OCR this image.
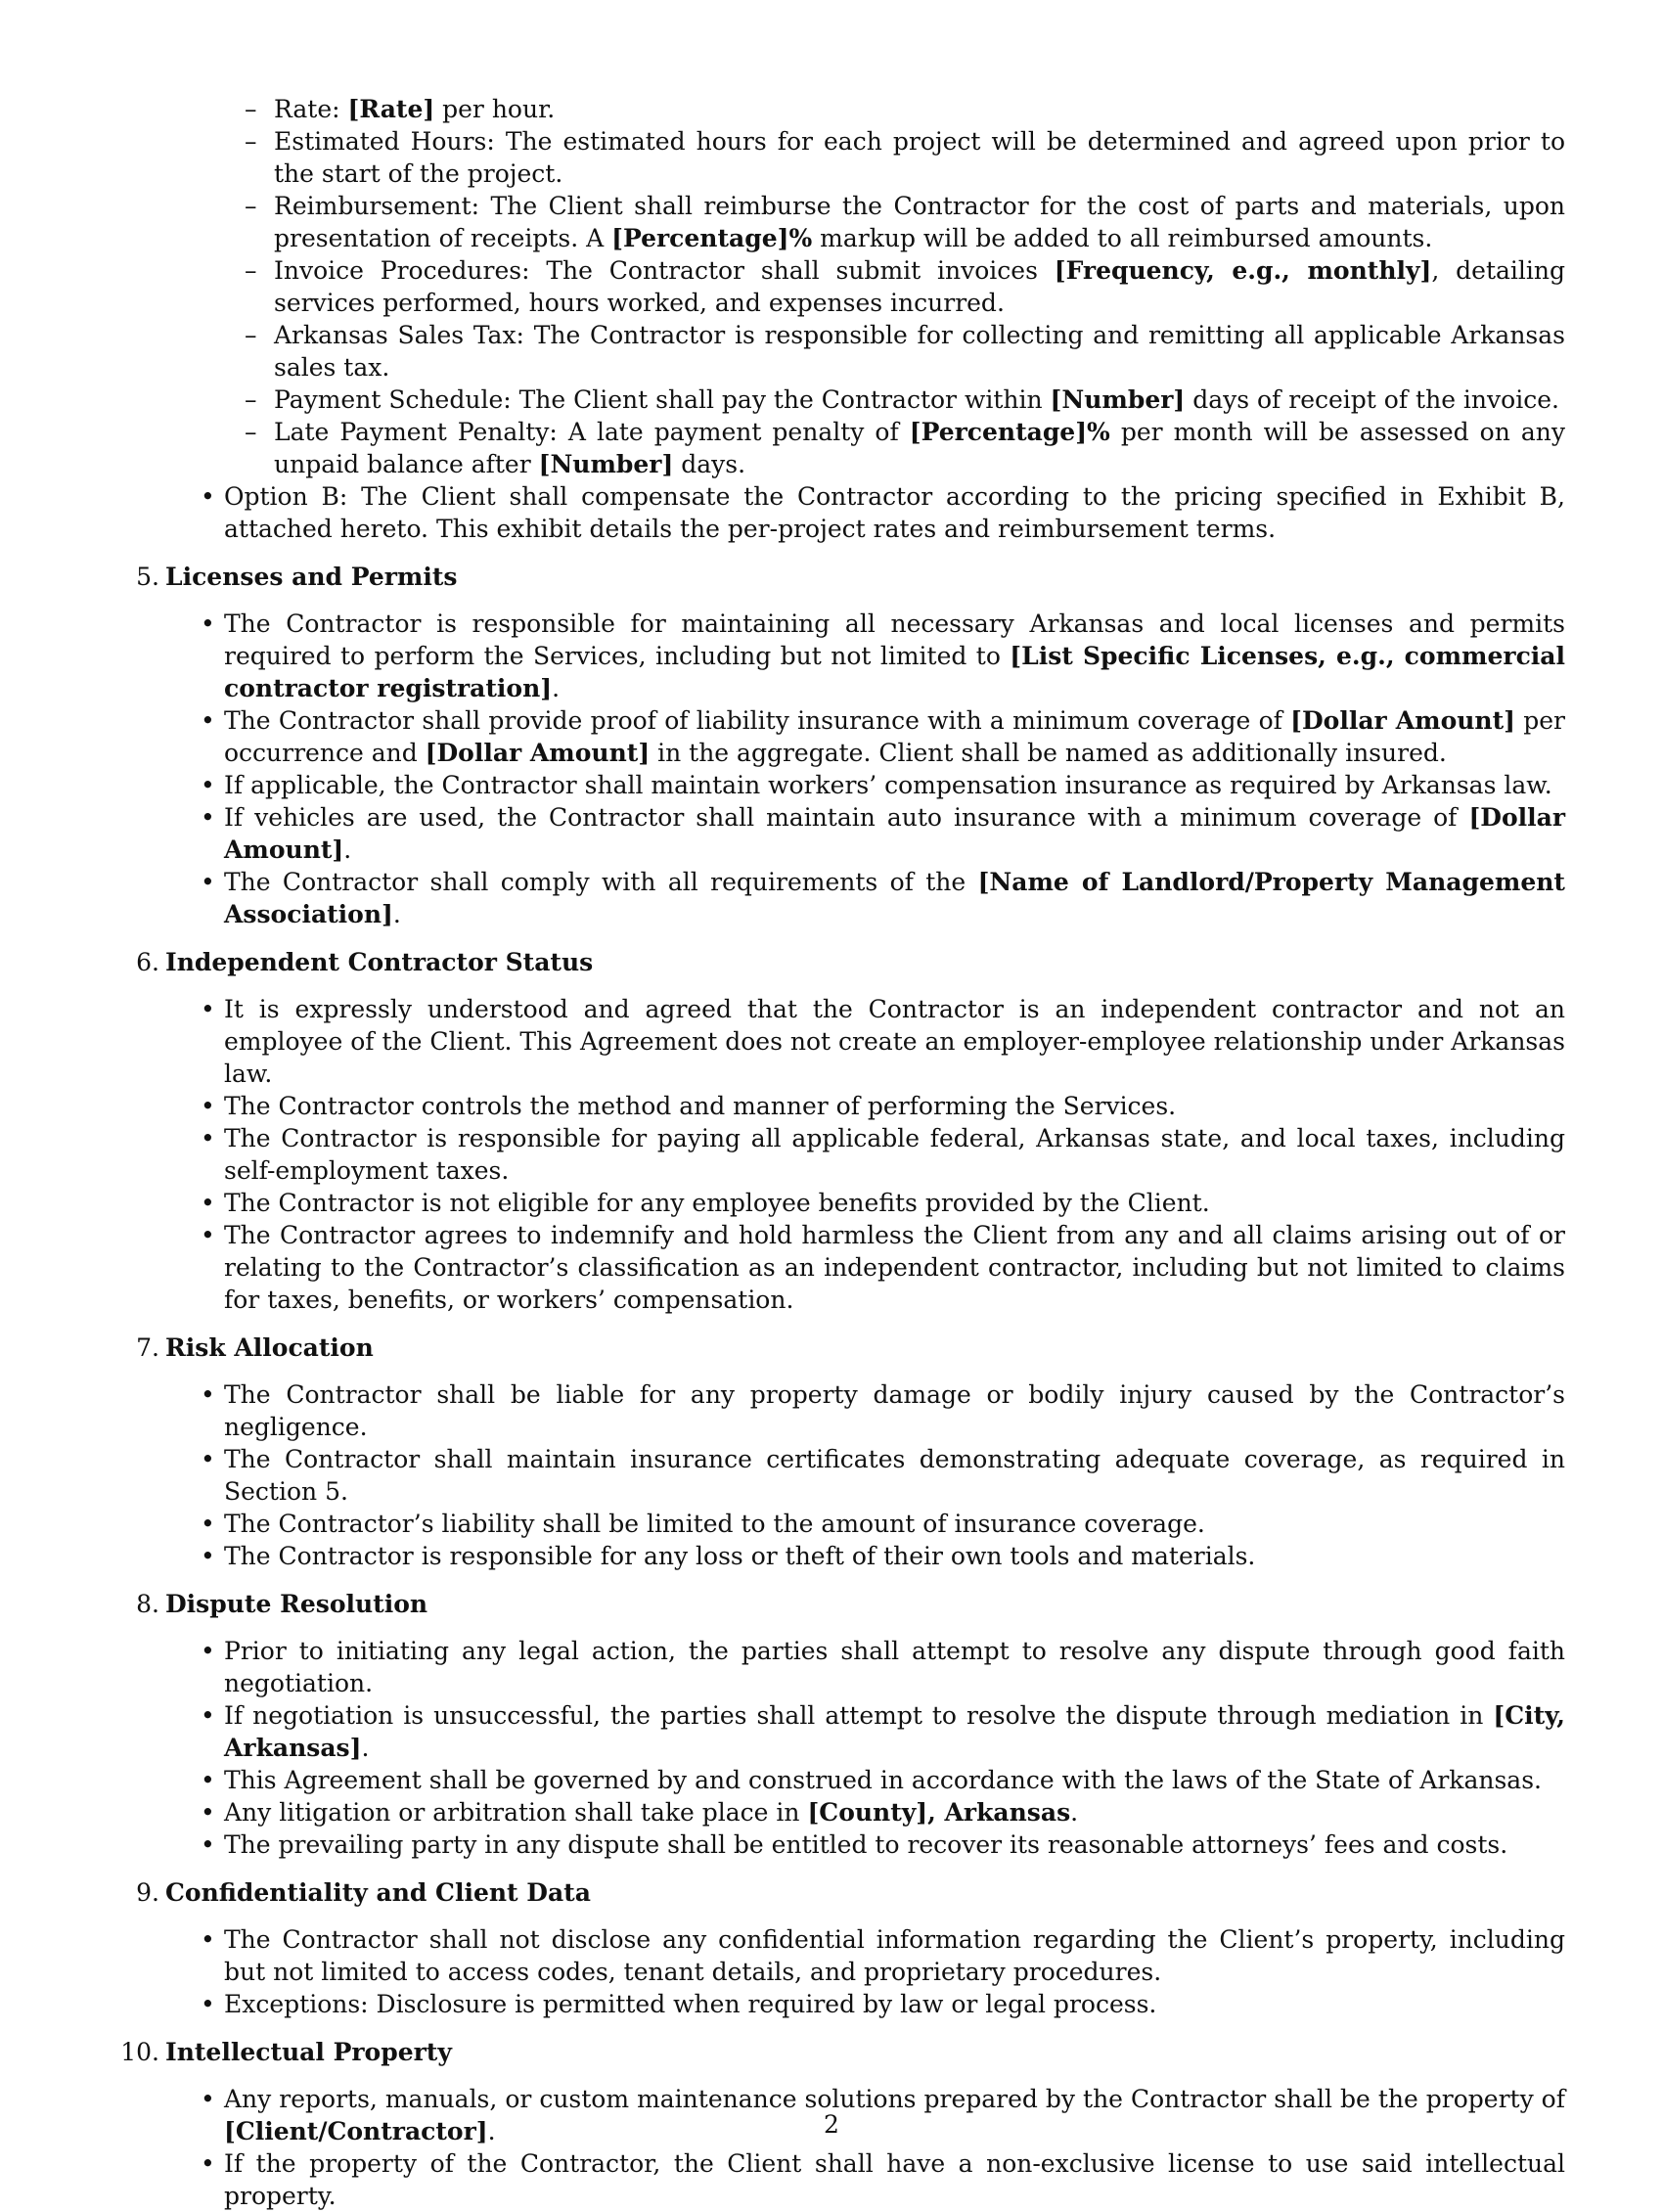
– Rate: [Rate] per hour.
– Estimated Hours: The estimated hours for each project will be determined and agreed upon prior to the start of the project.
– Reimbursement: The Client shall reimburse the Contractor for the cost of parts and materials, upon presentation of receipts. A [Percentage]% markup will be added to all reimbursed amounts.
– Invoice Procedures: The Contractor shall submit invoices [Frequency, e.g., monthly], detailing services performed, hours worked, and expenses incurred.
– Arkansas Sales Tax: The Contractor is responsible for collecting and remitting all applicable Arkansas sales tax.
– Payment Schedule: The Client shall pay the Contractor within [Number] days of receipt of the invoice.
– Late Payment Penalty: A late payment penalty of [Percentage]% per month will be assessed on any unpaid balance after [Number] days.
• Option B: The Client shall compensate the Contractor according to the pricing specified in Exhibit B, attached hereto. This exhibit details the per-project rates and reimbursement terms.
5. Licenses and Permits
• The Contractor is responsible for maintaining all necessary Arkansas and local licenses and permits required to perform the Services, including but not limited to [List Specific Licenses, e.g., commercial contractor registration].
• The Contractor shall provide proof of liability insurance with a minimum coverage of [Dollar Amount] per occurrence and [Dollar Amount] in the aggregate. Client shall be named as additionally insured.
• If applicable, the Contractor shall maintain workers’ compensation insurance as required by Arkansas law.
• If vehicles are used, the Contractor shall maintain auto insurance with a minimum coverage of [Dollar Amount].
• The Contractor shall comply with all requirements of the [Name of Landlord/Property Management Association].
6. Independent Contractor Status
• It is expressly understood and agreed that the Contractor is an independent contractor and not an employee of the Client. This Agreement does not create an employer-employee relationship under Arkansas law.
• The Contractor controls the method and manner of performing the Services.
• The Contractor is responsible for paying all applicable federal, Arkansas state, and local taxes, including self-employment taxes.
• The Contractor is not eligible for any employee benefits provided by the Client.
• The Contractor agrees to indemnify and hold harmless the Client from any and all claims arising out of or relating to the Contractor’s classification as an independent contractor, including but not limited to claims for taxes, benefits, or workers’ compensation.
7. Risk Allocation
• The Contractor shall be liable for any property damage or bodily injury caused by the Contractor’s negligence.
• The Contractor shall maintain insurance certificates demonstrating adequate coverage, as required in Section 5.
• The Contractor’s liability shall be limited to the amount of insurance coverage.
• The Contractor is responsible for any loss or theft of their own tools and materials.
8. Dispute Resolution
• Prior to initiating any legal action, the parties shall attempt to resolve any dispute through good faith negotiation.
• If negotiation is unsuccessful, the parties shall attempt to resolve the dispute through mediation in [City, Arkansas].
• This Agreement shall be governed by and construed in accordance with the laws of the State of Arkansas.
• Any litigation or arbitration shall take place in [County], Arkansas.
• The prevailing party in any dispute shall be entitled to recover its reasonable attorneys’ fees and costs.
9. Confidentiality and Client Data
• The Contractor shall not disclose any confidential information regarding the Client’s property, including but not limited to access codes, tenant details, and proprietary procedures.
• Exceptions: Disclosure is permitted when required by law or legal process.
10. Intellectual Property
• Any reports, manuals, or custom maintenance solutions prepared by the Contractor shall be the property of [Client/Contractor].
• If the property of the Contractor, the Client shall have a non-exclusive license to use said intellectual property.
2
